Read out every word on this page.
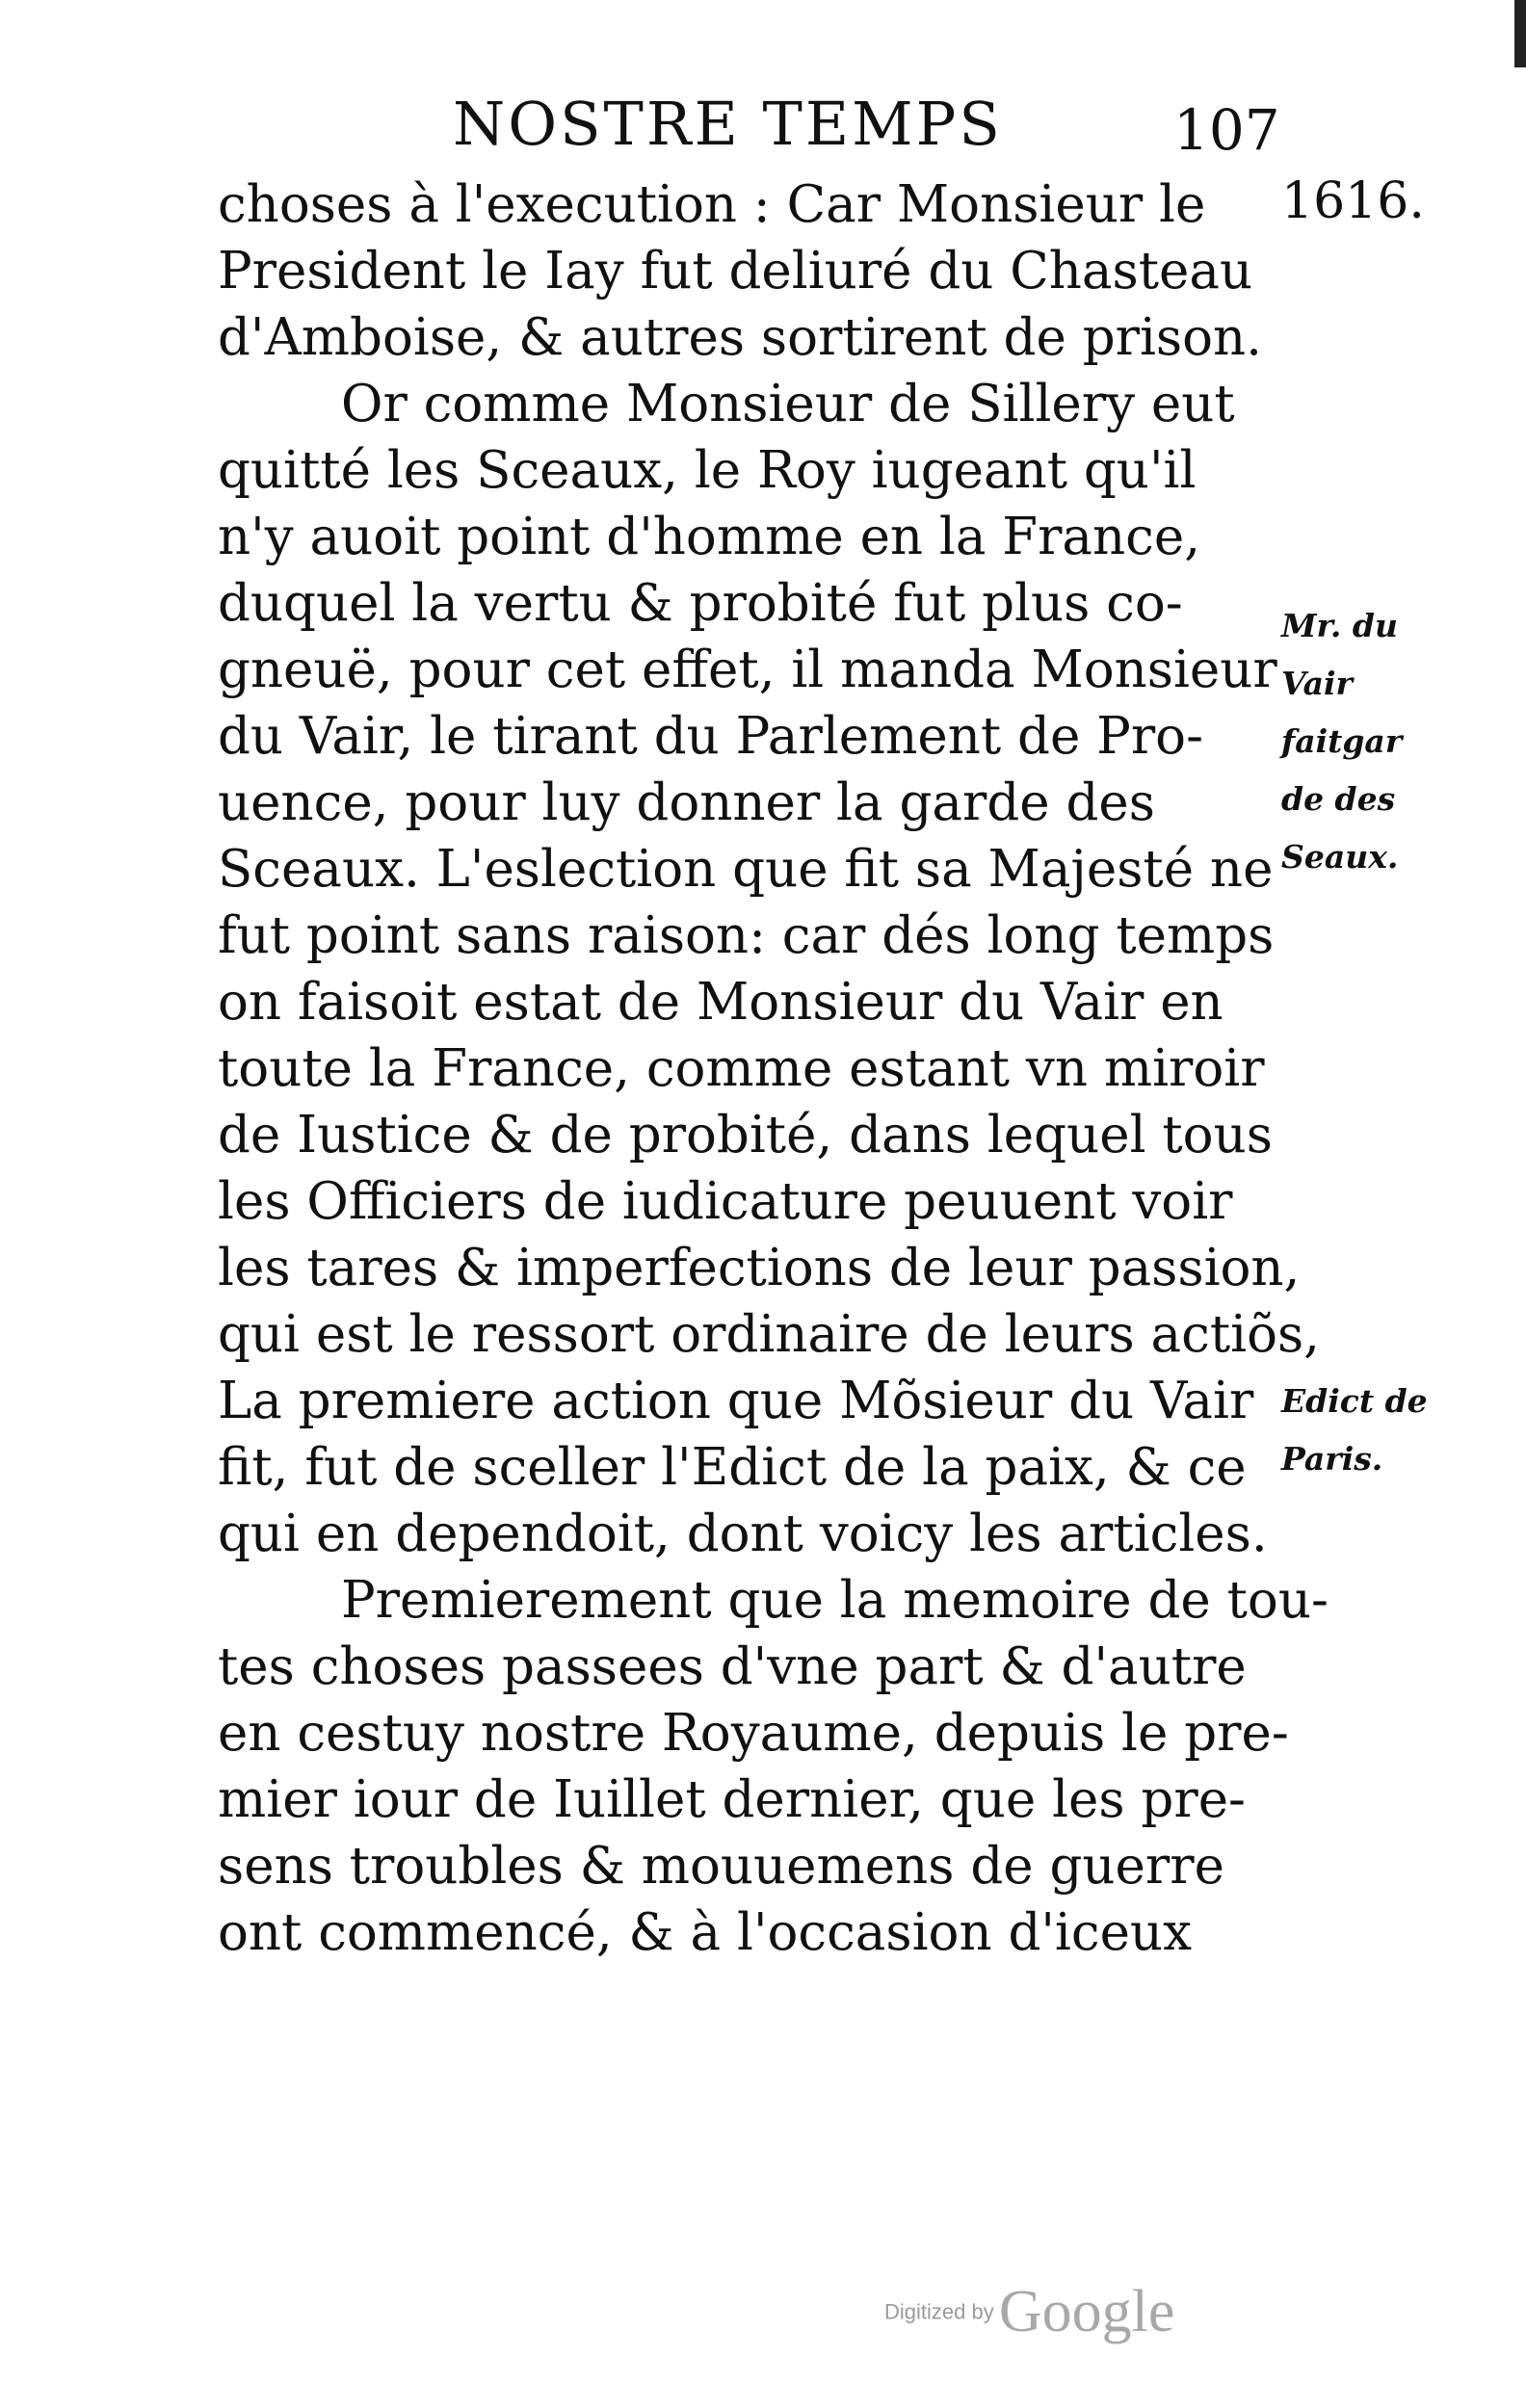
NOSTRE TEMPS	107
1616.
Mr. du
Vair
faitgar
de des
Seaux.
Edict de
Paris.
choses à l'execution : Car Monsieur le
President le Iay fut deliuré du Chasteau
d'Amboise, & autres sortirent de prison.
Or comme Monsieur de Sillery eut
quitté les Sceaux, le Roy iugeant qu'il
n'y auoit point d'homme en la France,
duquel la vertu & probité fut plus co-
gneuë, pour cet effet, il manda Monsieur
du Vair, le tirant du Parlement de Pro-
uence, pour luy donner la garde des
Sceaux. L'eslection que fit sa Majesté ne
fut point sans raison: car dés long temps
on faisoit estat de Monsieur du Vair en
toute la France, comme estant vn miroir
de Iustice & de probité, dans lequel tous
les Officiers de iudicature peuuent voir
les tares & imperfections de leur passion,
qui est le ressort ordinaire de leurs actiõs,
La premiere action que Mõsieur du Vair
fit, fut de sceller l'Edict de la paix, & ce
qui en dependoit, dont voicy les articles.
Premierement que la memoire de tou-
tes choses passees d'vne part & d'autre
en cestuy nostre Royaume, depuis le pre-
mier iour de Iuillet dernier, que les pre-
sens troubles & mouuemens de guerre
ont commencé, & à l'occasion d'iceux
Digitized by Google
